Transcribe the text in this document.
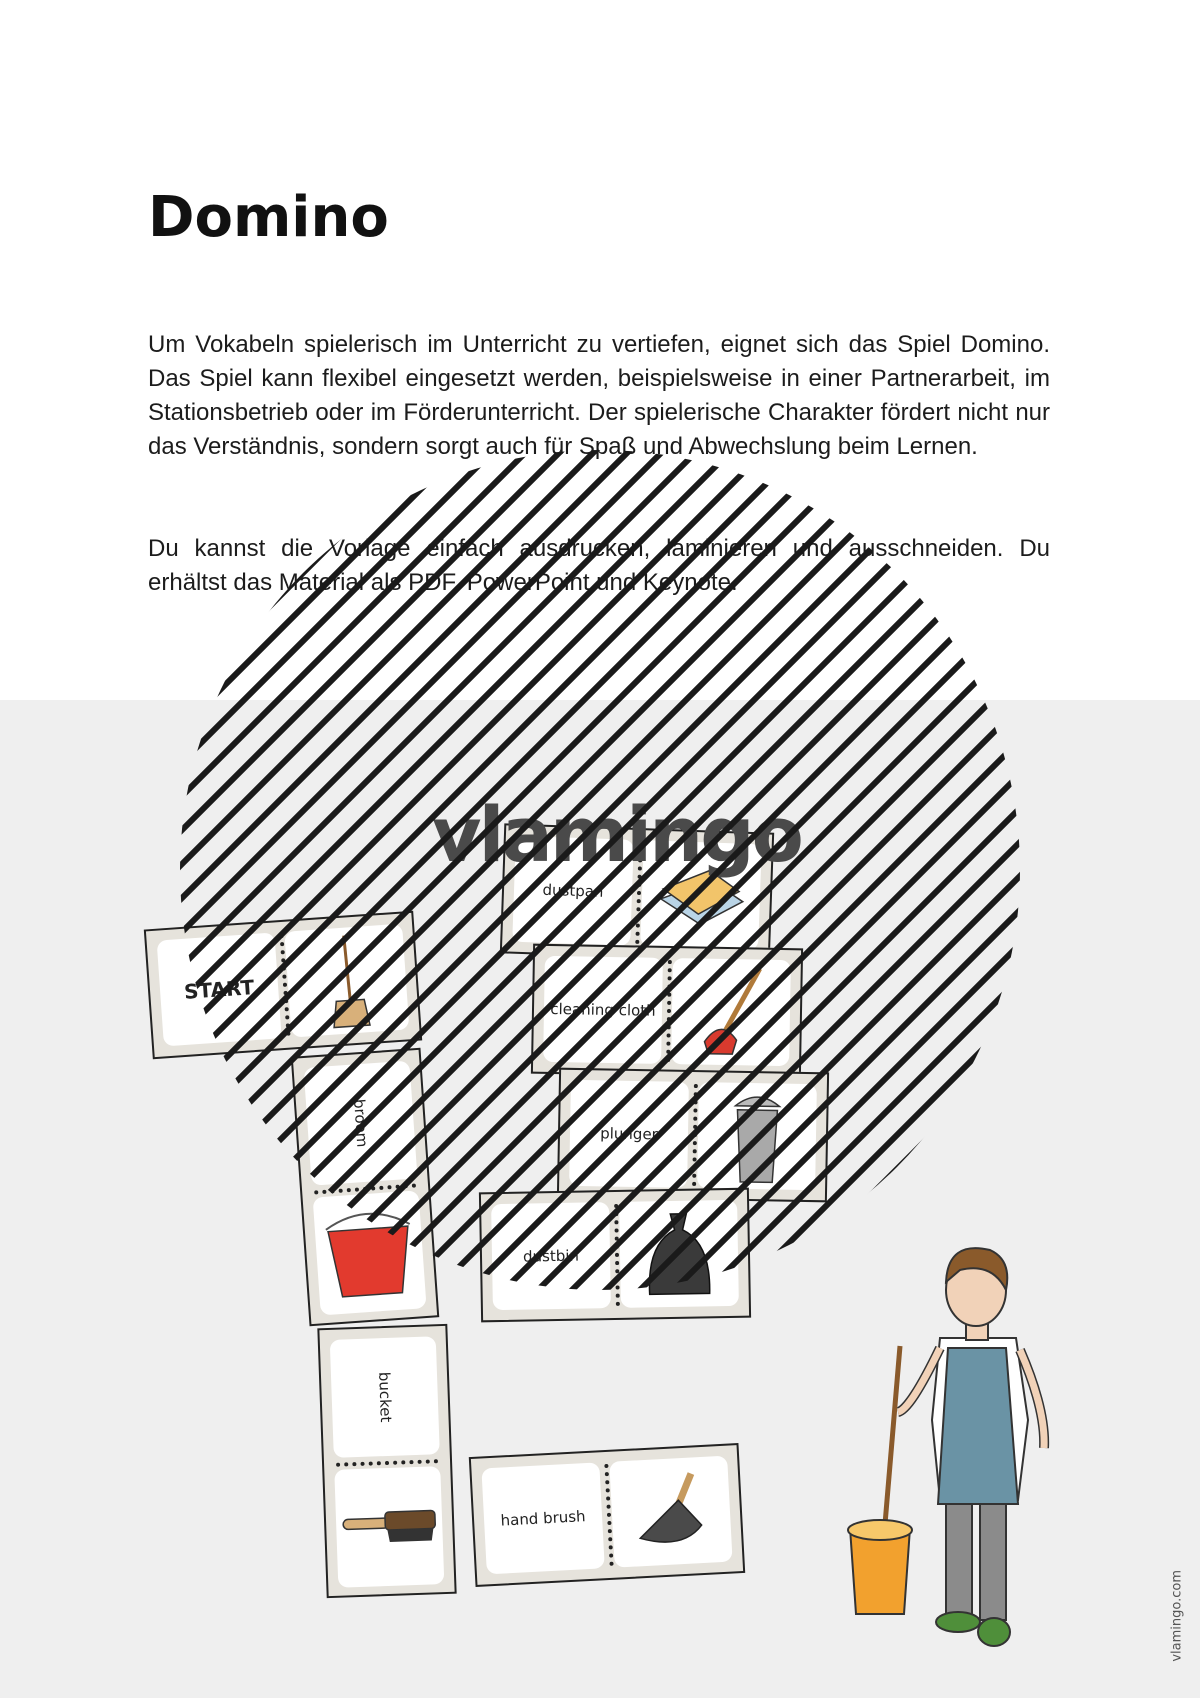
Domino

Um Vokabeln spielerisch im Unterricht zu vertiefen, eignet sich das Spiel Domino. Das Spiel kann flexibel eingesetzt werden, beispielsweise in einer Partnerarbeit, im Stationsbetrieb oder im Förderunterricht. Der spielerische Charakter fördert nicht nur das Verständnis, sondern sorgt auch für Spaß und Abwechslung beim Lernen.

Du kannst die Vorlage einfach ausdrucken, laminieren und ausschneiden. Du erhältst das Material als PDF, PowerPoint und Keynote.

START
dustpan
cleaning cloth
plunger
dustbin
broom
bucket
hand brush
vlamingo
vlamingo.com
